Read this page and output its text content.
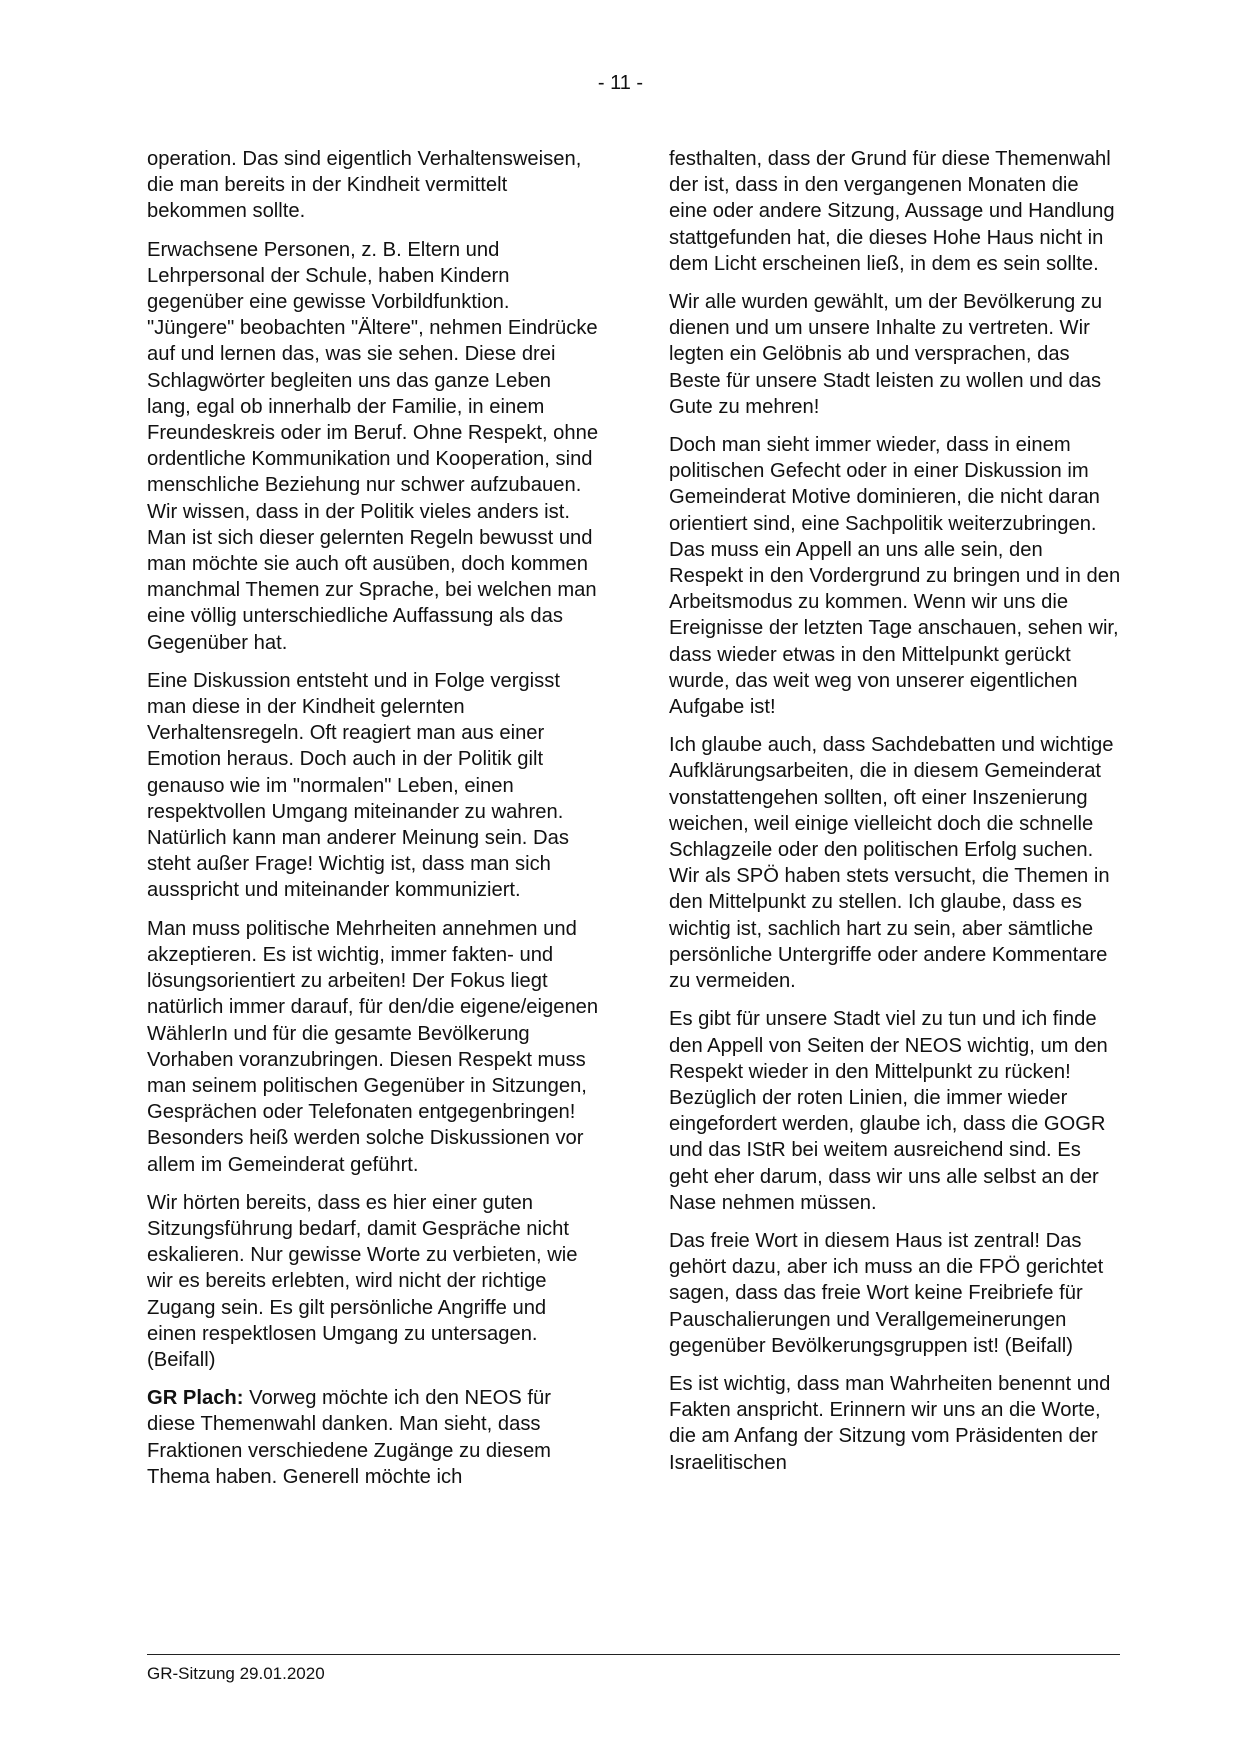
- 11 -

operation. Das sind eigentlich Verhaltensweisen, die man bereits in der Kindheit vermittelt bekommen sollte.

Erwachsene Personen, z. B. Eltern und Lehrpersonal der Schule, haben Kindern gegenüber eine gewisse Vorbildfunktion. "Jüngere" beobachten "Ältere", nehmen Eindrücke auf und lernen das, was sie sehen. Diese drei Schlagwörter begleiten uns das ganze Leben lang, egal ob innerhalb der Familie, in einem Freundeskreis oder im Beruf. Ohne Respekt, ohne ordentliche Kommunikation und Kooperation, sind menschliche Beziehung nur schwer aufzubauen. Wir wissen, dass in der Politik vieles anders ist. Man ist sich dieser gelernten Regeln bewusst und man möchte sie auch oft ausüben, doch kommen manchmal Themen zur Sprache, bei welchen man eine völlig unterschiedliche Auffassung als das Gegenüber hat.

Eine Diskussion entsteht und in Folge vergisst man diese in der Kindheit gelernten Verhaltensregeln. Oft reagiert man aus einer Emotion heraus. Doch auch in der Politik gilt genauso wie im "normalen" Leben, einen respektvollen Umgang miteinander zu wahren. Natürlich kann man anderer Meinung sein. Das steht außer Frage! Wichtig ist, dass man sich ausspricht und miteinander kommuniziert.

Man muss politische Mehrheiten annehmen und akzeptieren. Es ist wichtig, immer fakten- und lösungsorientiert zu arbeiten! Der Fokus liegt natürlich immer darauf, für den/die eigene/eigenen WählerIn und für die gesamte Bevölkerung Vorhaben voranzubringen. Diesen Respekt muss man seinem politischen Gegenüber in Sitzungen, Gesprächen oder Telefonaten entgegenbringen! Besonders heiß werden solche Diskussionen vor allem im Gemeinderat geführt.

Wir hörten bereits, dass es hier einer guten Sitzungsführung bedarf, damit Gespräche nicht eskalieren. Nur gewisse Worte zu verbieten, wie wir es bereits erlebten, wird nicht der richtige Zugang sein. Es gilt persönliche Angriffe und einen respektlosen Umgang zu untersagen. (Beifall)

GR Plach: Vorweg möchte ich den NEOS für diese Themenwahl danken. Man sieht, dass Fraktionen verschiedene Zugänge zu diesem Thema haben. Generell möchte ich

festhalten, dass der Grund für diese Themenwahl der ist, dass in den vergangenen Monaten die eine oder andere Sitzung, Aussage und Handlung stattgefunden hat, die dieses Hohe Haus nicht in dem Licht erscheinen ließ, in dem es sein sollte.

Wir alle wurden gewählt, um der Bevölkerung zu dienen und um unsere Inhalte zu vertreten. Wir legten ein Gelöbnis ab und versprachen, das Beste für unsere Stadt leisten zu wollen und das Gute zu mehren!

Doch man sieht immer wieder, dass in einem politischen Gefecht oder in einer Diskussion im Gemeinderat Motive dominieren, die nicht daran orientiert sind, eine Sachpolitik weiterzubringen. Das muss ein Appell an uns alle sein, den Respekt in den Vordergrund zu bringen und in den Arbeitsmodus zu kommen. Wenn wir uns die Ereignisse der letzten Tage anschauen, sehen wir, dass wieder etwas in den Mittelpunkt gerückt wurde, das weit weg von unserer eigentlichen Aufgabe ist!

Ich glaube auch, dass Sachdebatten und wichtige Aufklärungsarbeiten, die in diesem Gemeinderat vonstattengehen sollten, oft einer Inszenierung weichen, weil einige vielleicht doch die schnelle Schlagzeile oder den politischen Erfolg suchen. Wir als SPÖ haben stets versucht, die Themen in den Mittelpunkt zu stellen. Ich glaube, dass es wichtig ist, sachlich hart zu sein, aber sämtliche persönliche Untergriffe oder andere Kommentare zu vermeiden.

Es gibt für unsere Stadt viel zu tun und ich finde den Appell von Seiten der NEOS wichtig, um den Respekt wieder in den Mittelpunkt zu rücken! Bezüglich der roten Linien, die immer wieder eingefordert werden, glaube ich, dass die GOGR und das IStR bei weitem ausreichend sind. Es geht eher darum, dass wir uns alle selbst an der Nase nehmen müssen.

Das freie Wort in diesem Haus ist zentral! Das gehört dazu, aber ich muss an die FPÖ gerichtet sagen, dass das freie Wort keine Freibriefe für Pauschalierungen und Verallgemeinerungen gegenüber Bevölkerungsgruppen ist! (Beifall)

Es ist wichtig, dass man Wahrheiten benennt und Fakten anspricht. Erinnern wir uns an die Worte, die am Anfang der Sitzung vom Präsidenten der Israelitischen

GR-Sitzung 29.01.2020
